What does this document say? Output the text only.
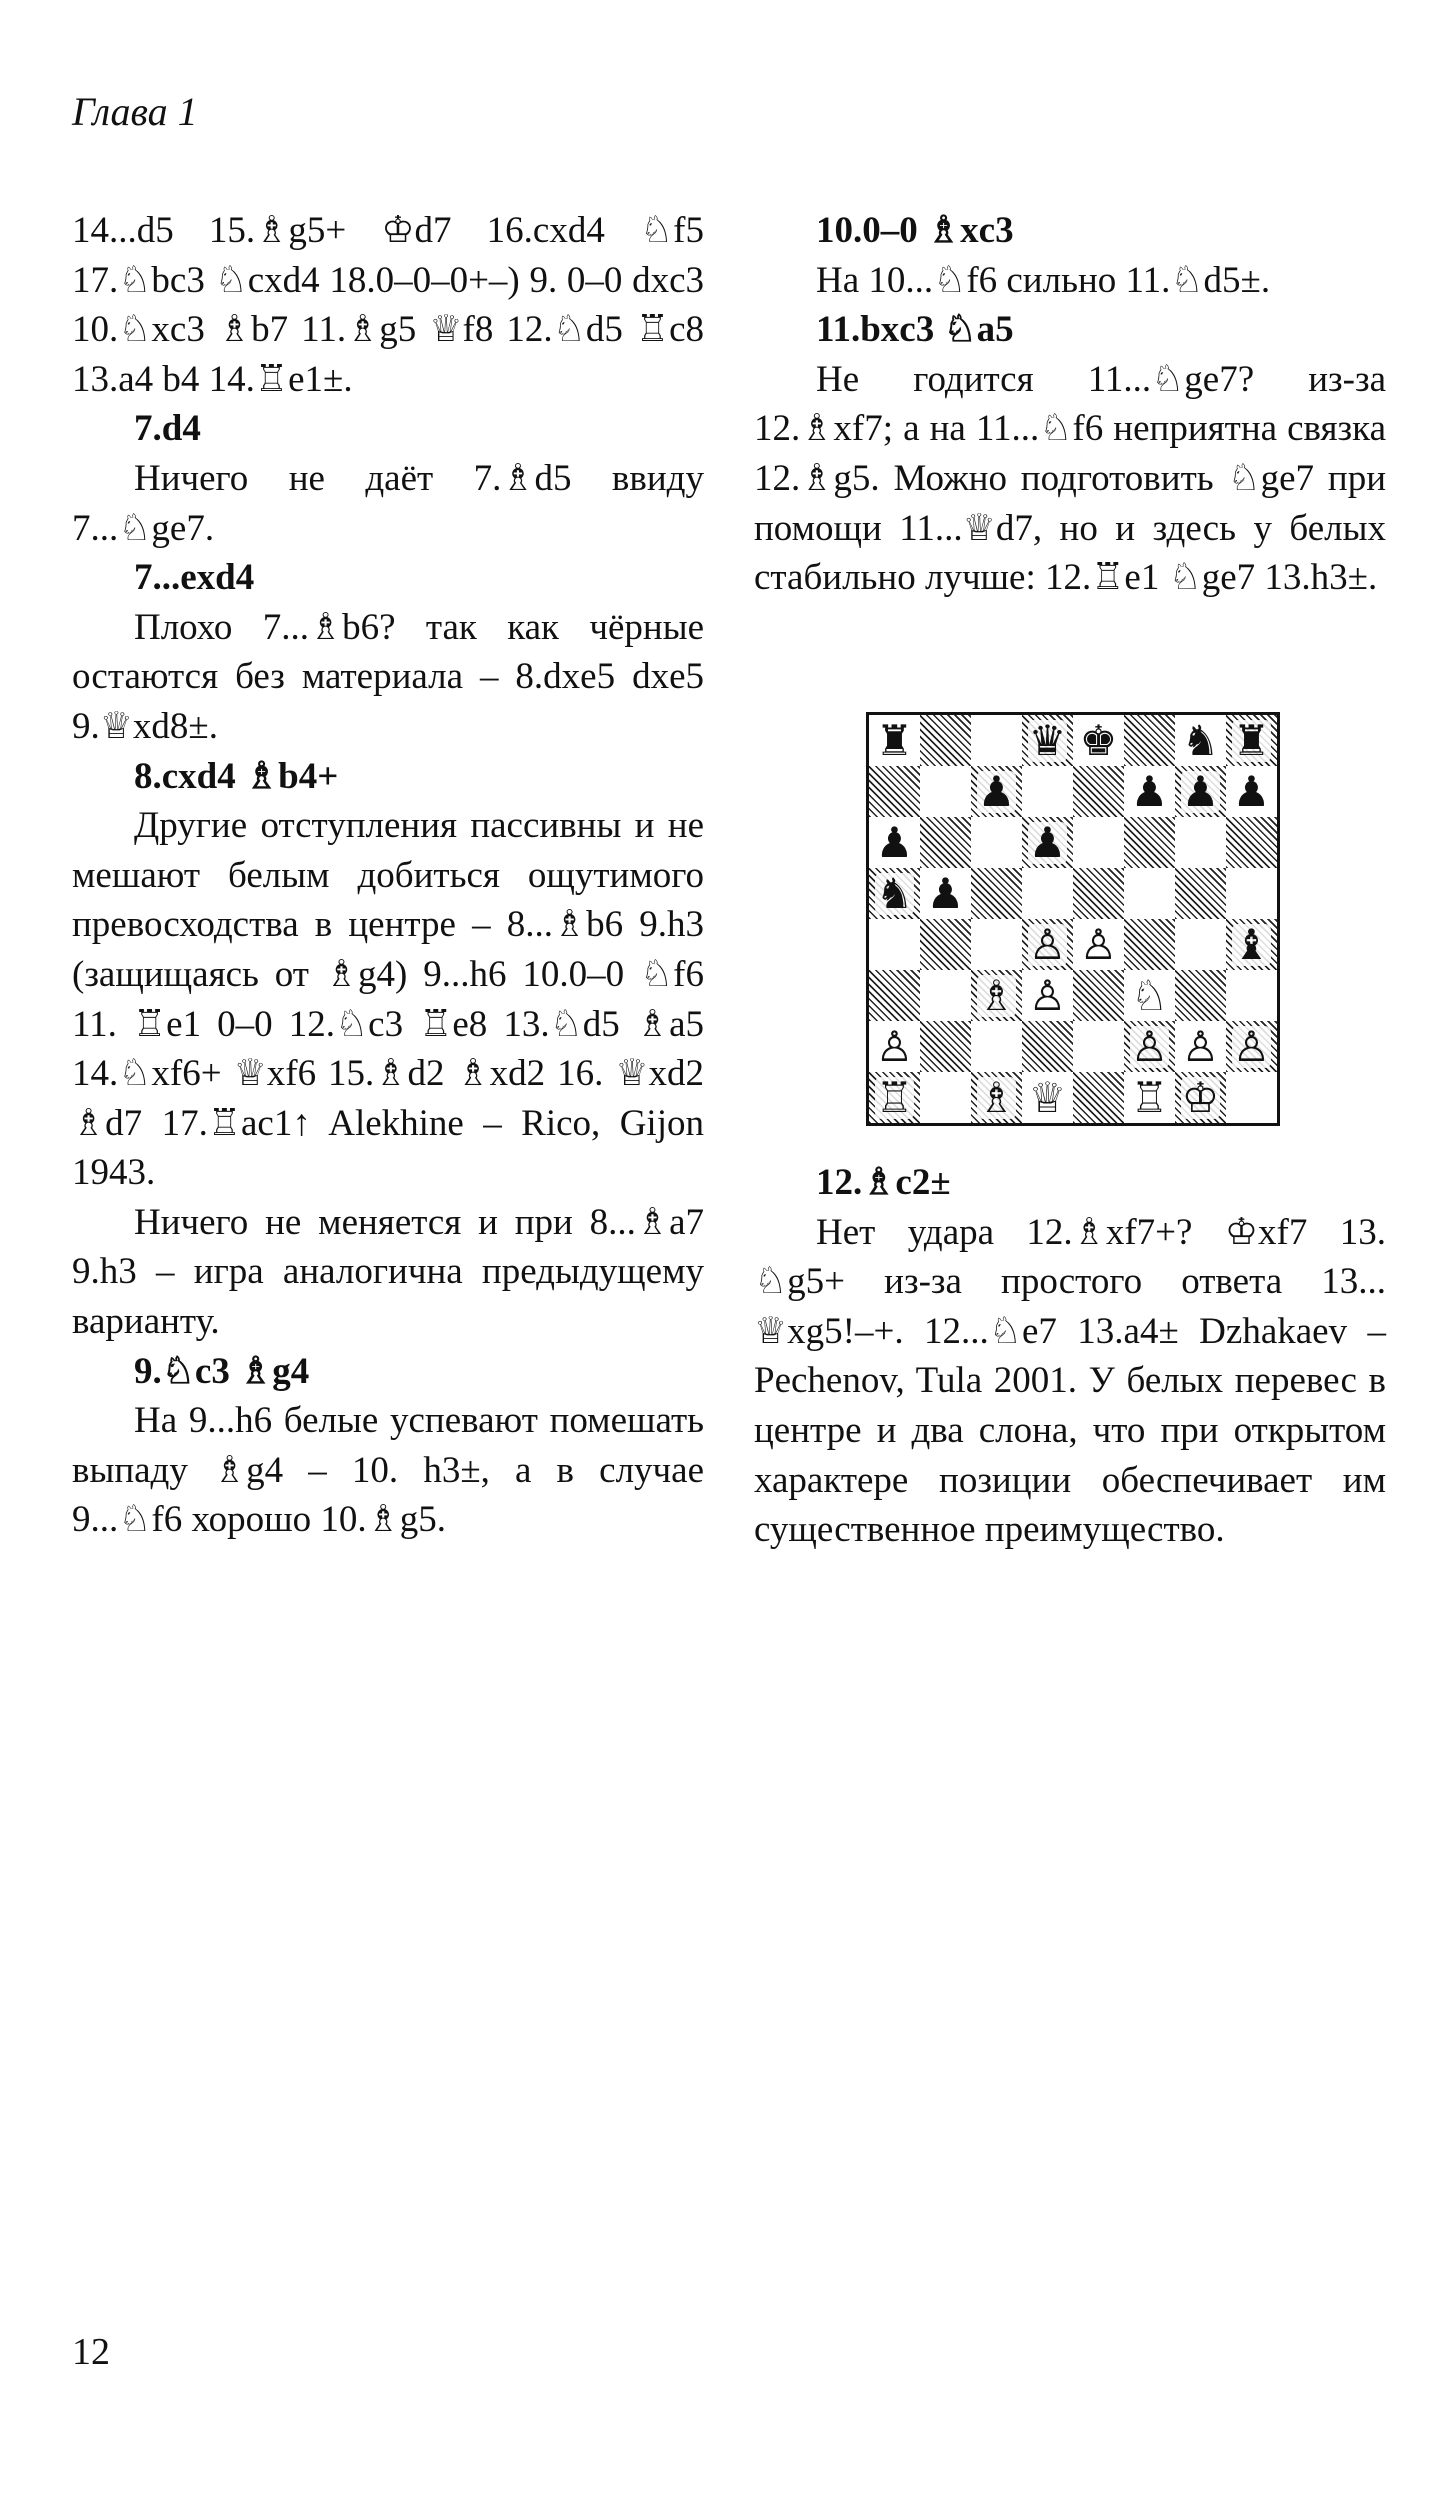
Глава 1

14...d5 15.♗g5+ ♔d7 16.cxd4 ♘f5 17.♘bc3 ♘cxd4 18.0–0–0+–) 9. 0–0 dxc3 10.♘xc3 ♗b7 11.♗g5 ♕f8 12.♘d5 ♖c8 13.a4 b4 14.♖e1±.

7.d4

Ничего не даёт 7.♗d5 ввиду 7...♘ge7.

7...exd4

Плохо 7...♗b6? так как чёрные остаются без материала – 8.dxe5 dxe5 9.♕xd8±.

8.cxd4 ♗b4+

Другие отступления пассивны и не мешают белым добиться ощутимого превосходства в центре – 8...♗b6 9.h3 (защищаясь от ♗g4) 9...h6 10.0–0 ♘f6 11. ♖e1 0–0 12.♘c3 ♖e8 13.♘d5 ♗a5 14.♘xf6+ ♕xf6 15.♗d2 ♗xd2 16. ♕xd2 ♗d7 17.♖ac1↑ Alekhine – Rico, Gijon 1943.

Ничего не меняется и при 8...♗a7 9.h3 – игра аналогична предыдущему варианту.

9.♘c3 ♗g4

На 9...h6 белые успевают помешать выпаду ♗g4 – 10. h3±, а в случае 9...♘f6 хорошо 10.♗g5.

10.0–0 ♗xc3

На 10...♘f6 сильно 11.♘d5±.

11.bxc3 ♘a5

Не годится 11...♘ge7? из-за 12.♗xf7; а на 11...♘f6 неприятна связка 12.♗g5. Можно подготовить ♘ge7 при помощи 11...♕d7, но и здесь у белых стабильно лучше: 12.♖e1 ♘ge7 13.h3±.

♜	♛ ♚ ♞ ♜
♟	♟ ♟ ♟
♟	♟
♞ ♟
♙ ♙	♝
♗ ♙ ♘
♙	♙ ♙ ♙
♖ ♗ ♕ ♖ ♔

12.♗c2±

Нет удара 12.♗xf7+? ♔xf7 13. ♘g5+ из-за простого ответа 13... ♕xg5!–+. 12...♘e7 13.a4± Dzhakaev – Pechenov, Tula 2001. У белых перевес в центре и два слона, что при открытом характере позиции обеспечивает им существенное преимущество.

12
